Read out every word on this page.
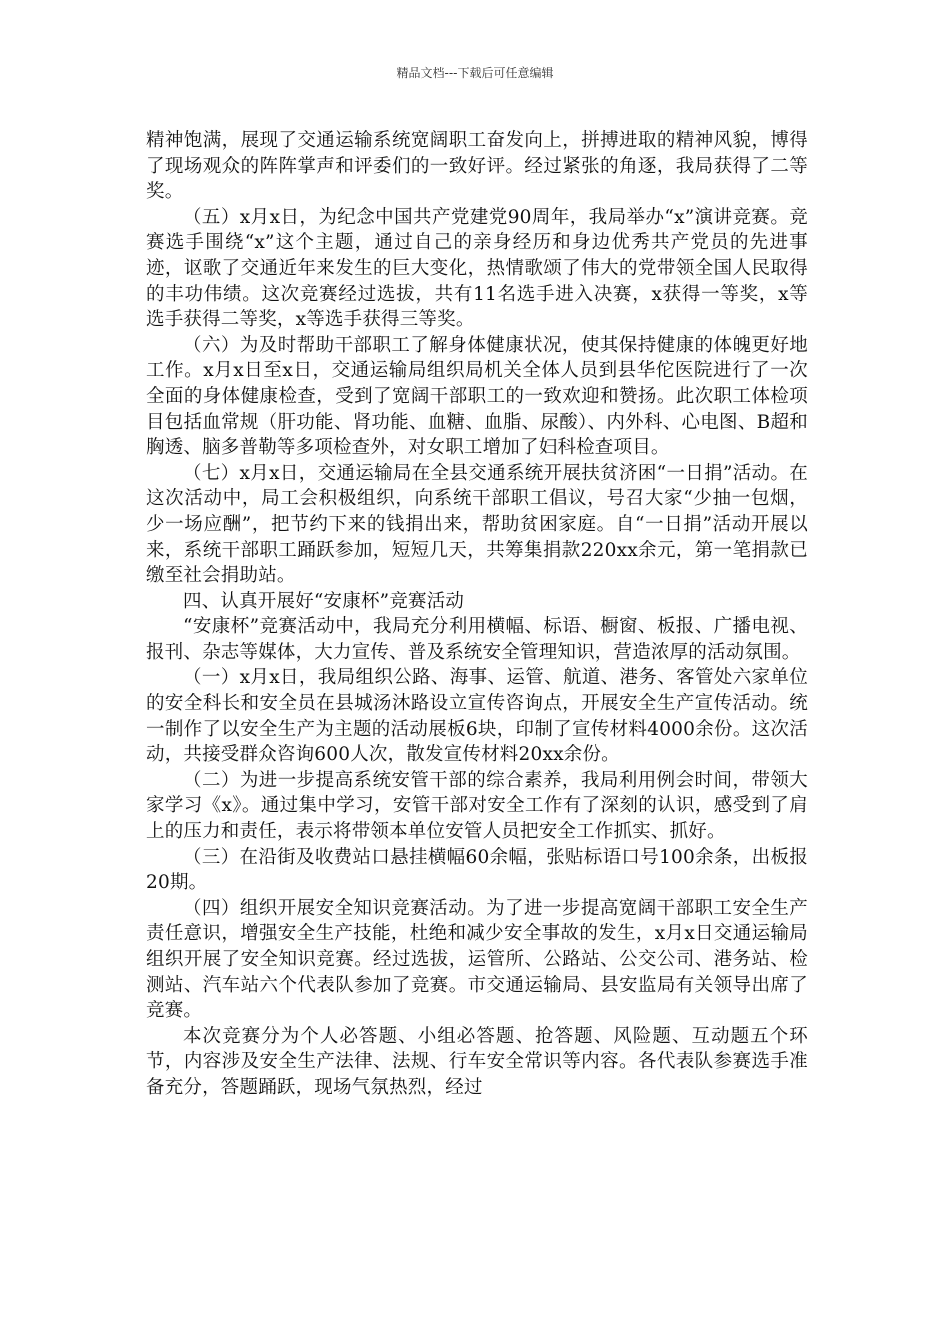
精品文档---下载后可任意编辑

精神饱满，展现了交通运输系统宽阔职工奋发向上，拼搏进取的精神风貌，博得了现场观众的阵阵掌声和评委们的一致好评。经过紧张的角逐，我局获得了二等奖。

（五）x月x日，为纪念中国共产党建党90周年，我局举办“x”演讲竞赛。竞赛选手围绕“x”这个主题，通过自己的亲身经历和身边优秀共产党员的先进事迹，讴歌了交通近年来发生的巨大变化，热情歌颂了伟大的党带领全国人民取得的丰功伟绩。这次竞赛经过选拔，共有11名选手进入决赛，x获得一等奖，x等选手获得二等奖，x等选手获得三等奖。

（六）为及时帮助干部职工了解身体健康状况，使其保持健康的体魄更好地工作。x月x日至x日，交通运输局组织局机关全体人员到县华佗医院进行了一次全面的身体健康检查，受到了宽阔干部职工的一致欢迎和赞扬。此次职工体检项目包括血常规（肝功能、肾功能、血糖、血脂、尿酸）、内外科、心电图、B超和胸透、脑多普勒等多项检查外，对女职工增加了妇科检查项目。

（七）x月x日，交通运输局在全县交通系统开展扶贫济困“一日捐”活动。在这次活动中，局工会积极组织，向系统干部职工倡议，号召大家“少抽一包烟，少一场应酬”，把节约下来的钱捐出来，帮助贫困家庭。自“一日捐”活动开展以来，系统干部职工踊跃参加，短短几天，共筹集捐款220xx余元，第一笔捐款已缴至社会捐助站。

四、认真开展好“安康杯”竞赛活动

“安康杯”竞赛活动中，我局充分利用横幅、标语、橱窗、板报、广播电视、报刊、杂志等媒体，大力宣传、普及系统安全管理知识，营造浓厚的活动氛围。

（一）x月x日，我局组织公路、海事、运管、航道、港务、客管处六家单位的安全科长和安全员在县城汤沐路设立宣传咨询点，开展安全生产宣传活动。统一制作了以安全生产为主题的活动展板6块，印制了宣传材料4000余份。这次活动，共接受群众咨询600人次，散发宣传材料20xx余份。

（二）为进一步提高系统安管干部的综合素养，我局利用例会时间，带领大家学习《x》。通过集中学习，安管干部对安全工作有了深刻的认识，感受到了肩上的压力和责任，表示将带领本单位安管人员把安全工作抓实、抓好。

（三）在沿街及收费站口悬挂横幅60余幅，张贴标语口号100余条，出板报20期。

（四）组织开展安全知识竞赛活动。为了进一步提高宽阔干部职工安全生产责任意识，增强安全生产技能，杜绝和减少安全事故的发生，x月x日交通运输局组织开展了安全知识竞赛。经过选拔，运管所、公路站、公交公司、港务站、检测站、汽车站六个代表队参加了竞赛。市交通运输局、县安监局有关领导出席了竞赛。

本次竞赛分为个人必答题、小组必答题、抢答题、风险题、互动题五个环节，内容涉及安全生产法律、法规、行车安全常识等内容。各代表队参赛选手准备充分，答题踊跃，现场气氛热烈，经过
